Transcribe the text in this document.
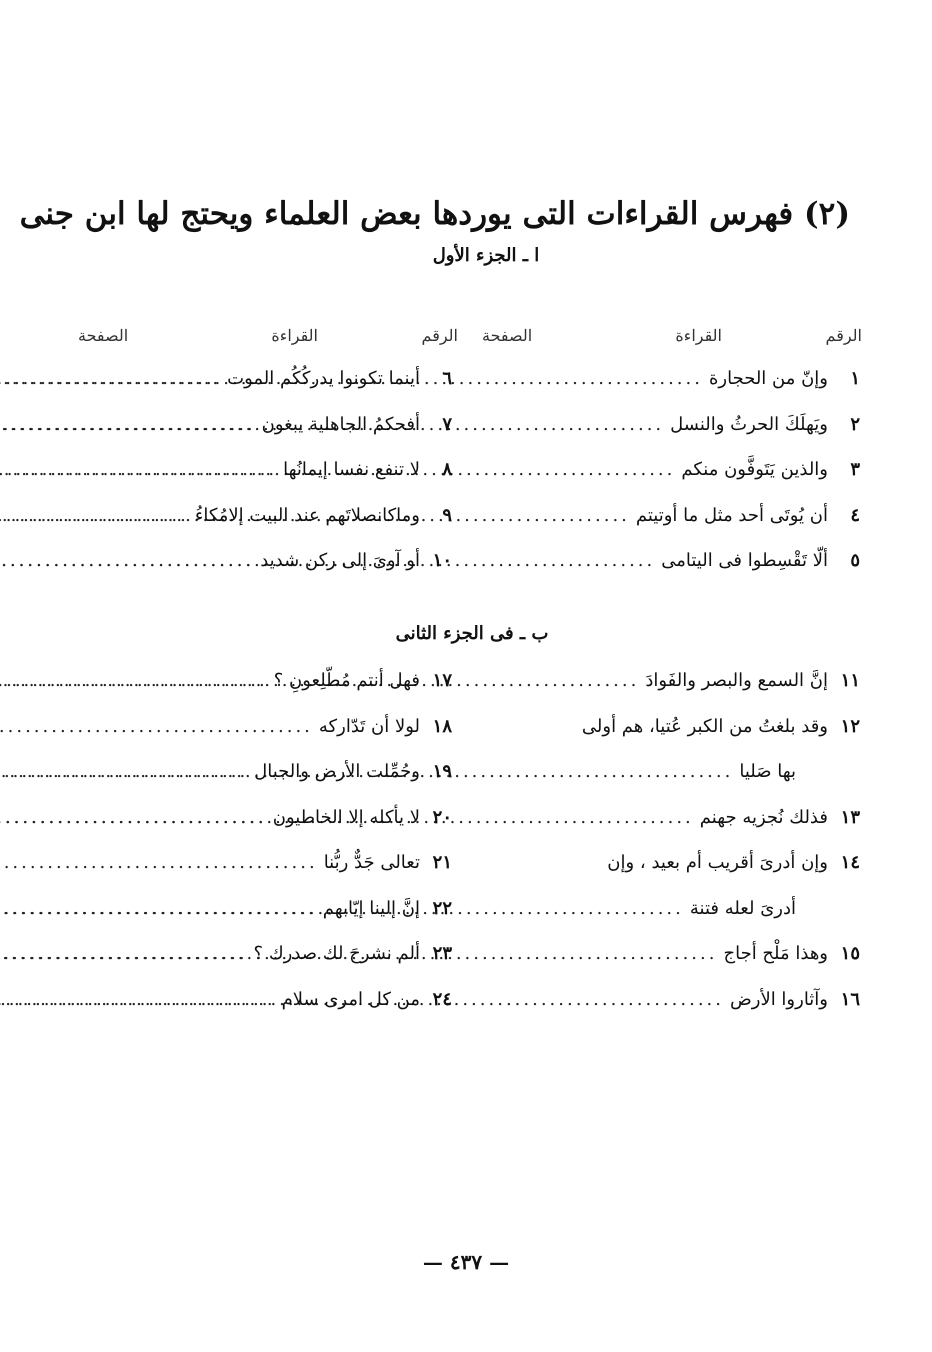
(٢) فهرس القراءات التى يوردها بعض العلماء ويحتج لها ابن جنى
ا ـ الجزء الأول
الرقم
القراءة
الصفحة
الرقم
القراءة
الصفحة
١
وإنّ من الحجارة
.....
٢
ويَهلَكَ الحرثُ والنسل
.....
٣
والذين يَتَوفَّون منكم
.....
٤
أن يُوتَى أحد مثل ما أوتيتم
.....
٥
ألّا تَقْسِطوا فى اليتامى
.....
٦
أينما تكونوا يدركُكُم الموت
.....
٧
أفحكمُ الجاهلية يبغون
.....
٨
لا تنفع نفسا إيمانُها
.....
٩
وماكانصلاتَهم عند البيت إلامُكاءُ
.....
١٠
أو آوىَ إلى ركن شديد
.....
ب ـ فى الجزء الثانى
١١
إنَّ السمع والبصر والفَوادَ
.....
١٢
وقد بلغتُ من الكبر عُتيا، هم أولى
بها صَليا
.....
١٣
فذلك نُجزيه جهنم
.....
١٤
وإن أدرىَ أقريب أم بعيد ، وإن
أدرىَ لعله فتنة
.....
١٥
وهذا مَلْح أجاج
.....
١٦
وآثاروا الأرض
.....
١٧
فهل أنتم مُطّلِعونِ ؟
.....
١٨
لولا أن تَدّاركه
.....
١٩
وحُمِّلت الأرض والجبال
.....
٢٠
لا يأكله إلا الخاطيون
.....
٢١
تعالى جَدٌّ ربُّنا
.....
٢٢
إنَّ إلينا إيّابهم
.....
٢٣
ألم نشرحَ لك صدرك ؟
.....
٢٤
من كل امرى سلام
.....
— ٤٣٧ —
